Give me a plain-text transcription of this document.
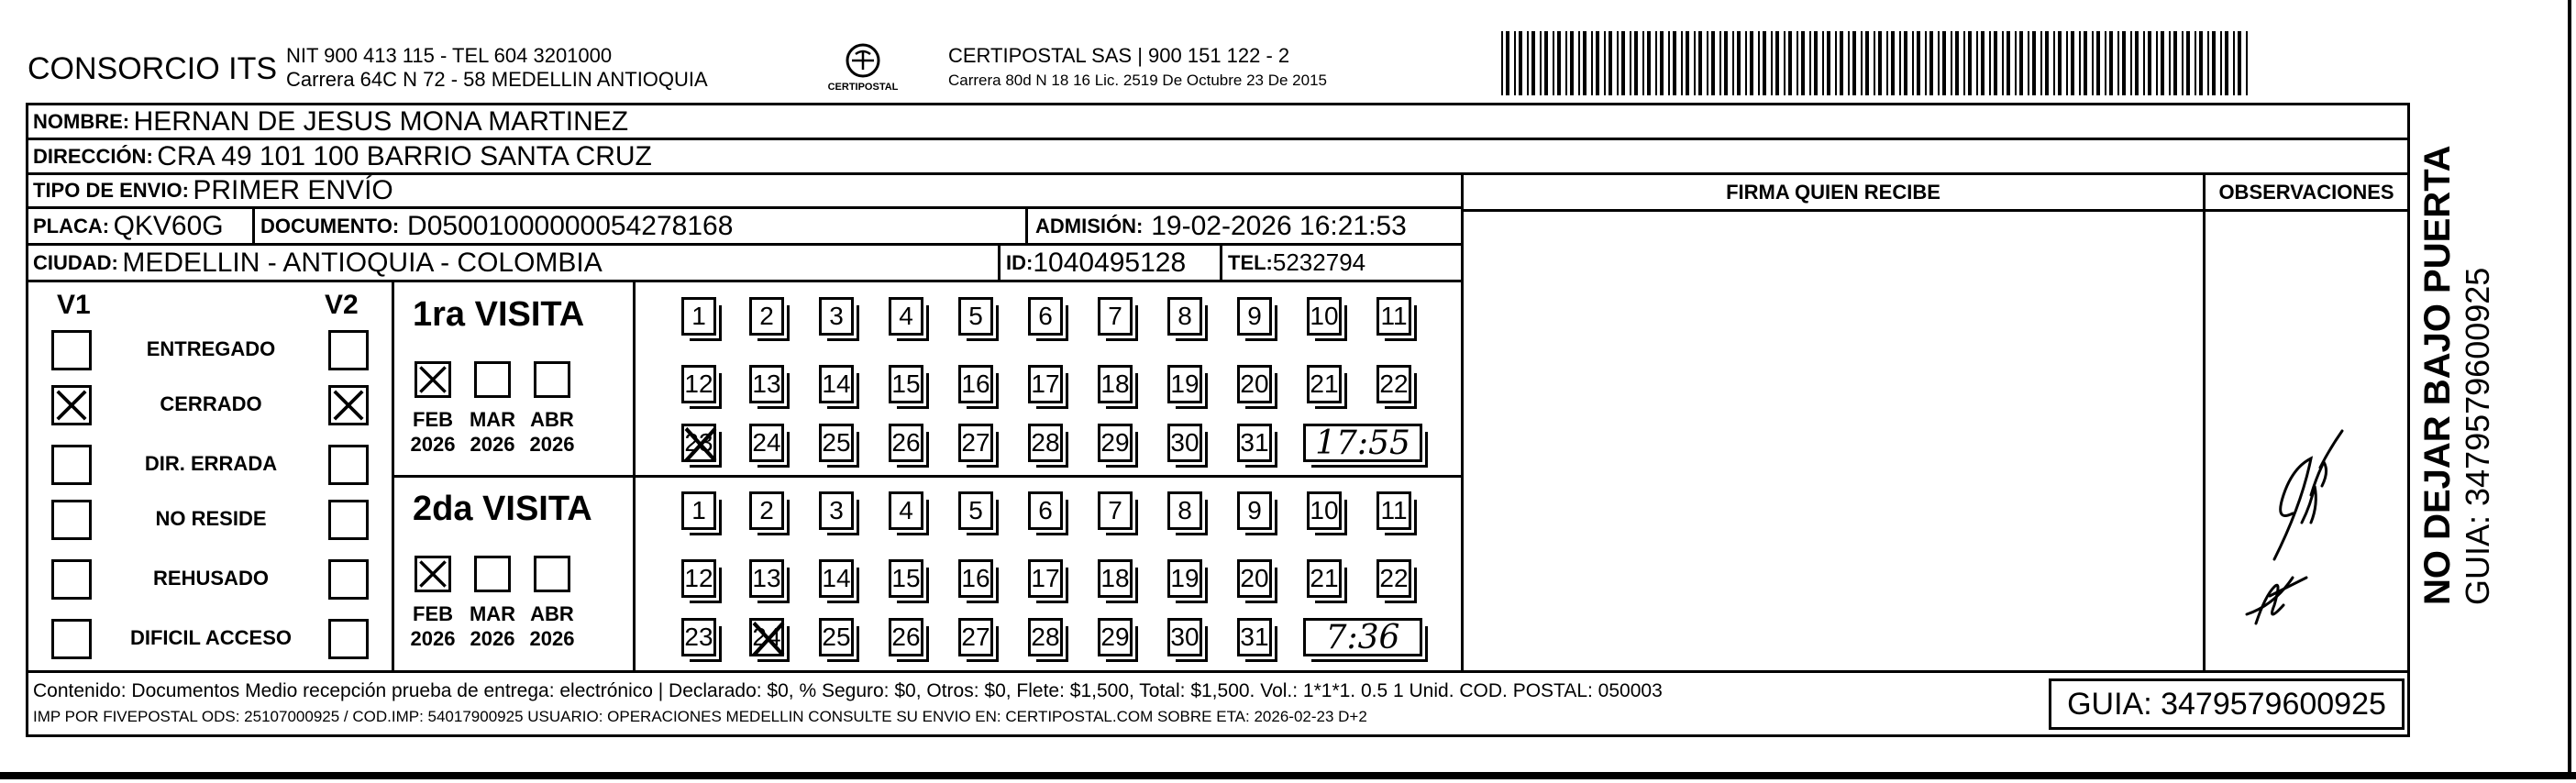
CONSORCIO ITS NIT 900 413 115 - TEL 604 3201000
Carrera 64C N 72 - 58 MEDELLIN ANTIOQUIA	CERTIPOSTAL
CERTIPOSTAL SAS | 900 151 122 - 2
Carrera 80d N 18 16 Lic. 2519 De Octubre 23 De 2015
NOMBRE:
HERNAN DE JESUS MONA MARTINEZ
DIRECCIÓN:
CRA 49 101 100 BARRIO SANTA CRUZ
TIPO DE ENVIO:
PRIMER ENVÍO
PLACA:
QKV60G DOCUMENTO:
D05001000000054278168	ADMISIÓN:
19-02-2026 16:21:53
CIUDAD:
MEDELLIN - ANTIOQUIA - COLOMBIA	ID: 1040495128 TEL: 5232794
FIRMA QUIEN RECIBE	OBSERVACIONES
V1	V2
ENTREGADO
CERRADO
DIR. ERRADA
NO RESIDE
REHUSADO
DIFICIL ACCESO
1ra VISITA
FEB
2026
MAR
2026
ABR
2026
1	2	3	4	5	6	7	8	9	10 11
12 13 14 15 16 17 18 19 20 21 22
23 24 25 26 27 28 29 30 31	17:55
2da VISITA
FEB
2026
MAR
2026
ABR
2026
1	2	3	4	5	6	7	8	9	10 11
12 13 14 15 16 17 18 19 20 21 22
23 24 25 26 27 28 29 30 31	7:36
Contenido: Documentos Medio recepción prueba de entrega: electrónico | Declarado: $0, % Seguro: $0, Otros: $0, Flete: $1,500, Total: $1,500. Vol.: 1*1*1. 0.5 1 Unid. COD. POSTAL: 050003
IMP POR FIVEPOSTAL ODS: 25107000925 / COD.IMP: 54017900925 USUARIO: OPERACIONES MEDELLIN CONSULTE SU ENVIO EN: CERTIPOSTAL.COM SOBRE ETA: 2026-02-23 D+2	GUIA: 3479579600925
NO DEJAR BAJO PUERTA GUIA: 3479579600925
